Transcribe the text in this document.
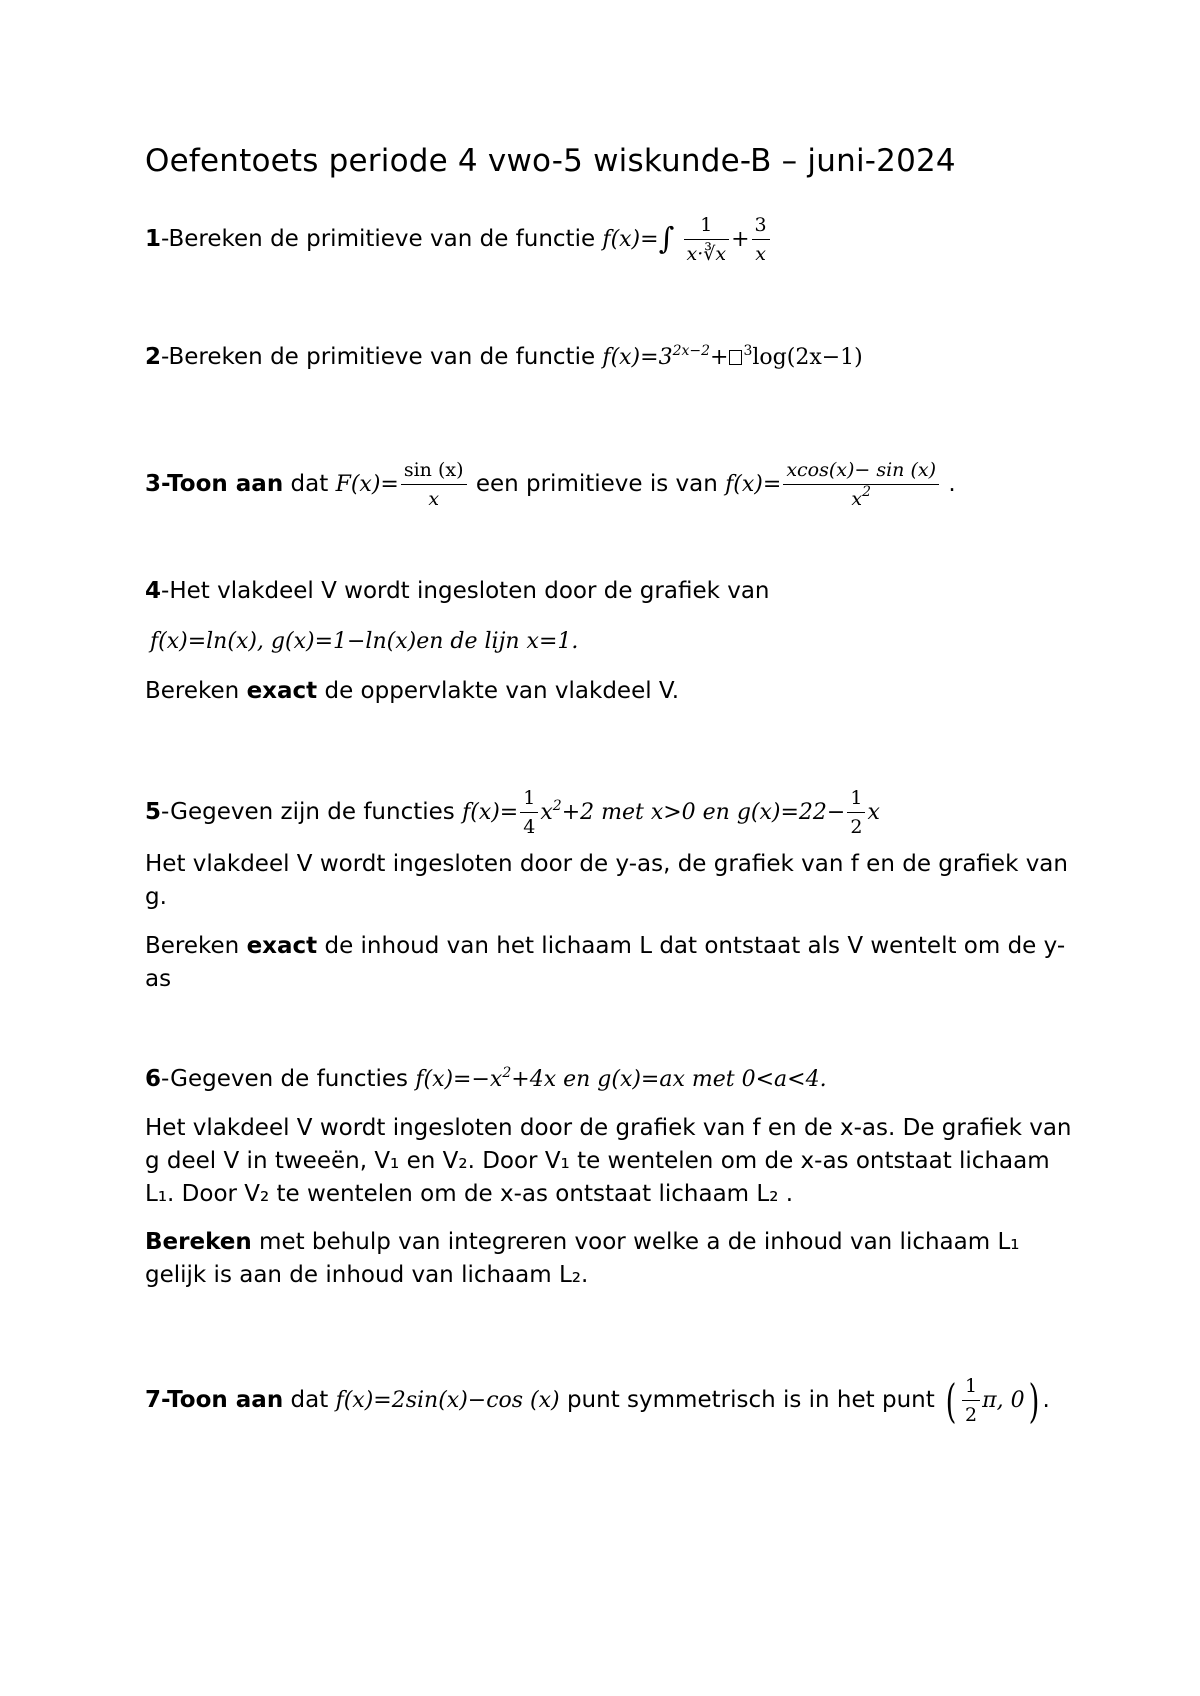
Oefentoets periode 4 vwo-5 wiskunde-B – juni-2024
1-Bereken de primitieve van de functie $f(x)=\int \frac{1}{x\cdot∛x} + \frac{3}{x}$
2-Bereken de primitieve van de functie $f(x)=3^{2x-2}+ ^3\log(2x-1)$
3-Toon aan dat $F(x)= \frac{\sin (x)}{x}$ een primitieve is van $f(x)= \frac{xcos(x)- \sin (x)}{x^2}$ .
4-Het vlakdeel V wordt ingesloten door de grafiek van
f(x)=ln(x), g(x)=1−ln(x)en de lijn x=1.
Bereken exact de oppervlakte van vlakdeel V.
5-Gegeven zijn de functies $f(x)= \frac{1}{4} x^2+2$ met x>0 en $g(x)=22- \frac{1}{2}$ x
Het vlakdeel V wordt ingesloten door de y-as, de grafiek van f en de grafiek van g.
Bereken exact de inhoud van het lichaam L dat ontstaat als V wentelt om de y-as
6-Gegeven de functies $f(x)=-x^2+4x$ en g(x)=ax met 0<a<4.
Het vlakdeel V wordt ingesloten door de grafiek van f en de x-as. De grafiek van g deel V in tweeën, V₁ en V₂. Door V₁ te wentelen om de x-as ontstaat lichaam L₁. Door V₂ te wentelen om de x-as ontstaat lichaam L₂ .
Bereken met behulp van integreren voor welke a de inhoud van lichaam L₁ gelijk is aan de inhoud van lichaam L₂.
7-Toon aan dat f(x)=2sin(x)−cos (x) punt symmetrisch is in het punt ( $\frac{1}{2} \pi$, 0) .
